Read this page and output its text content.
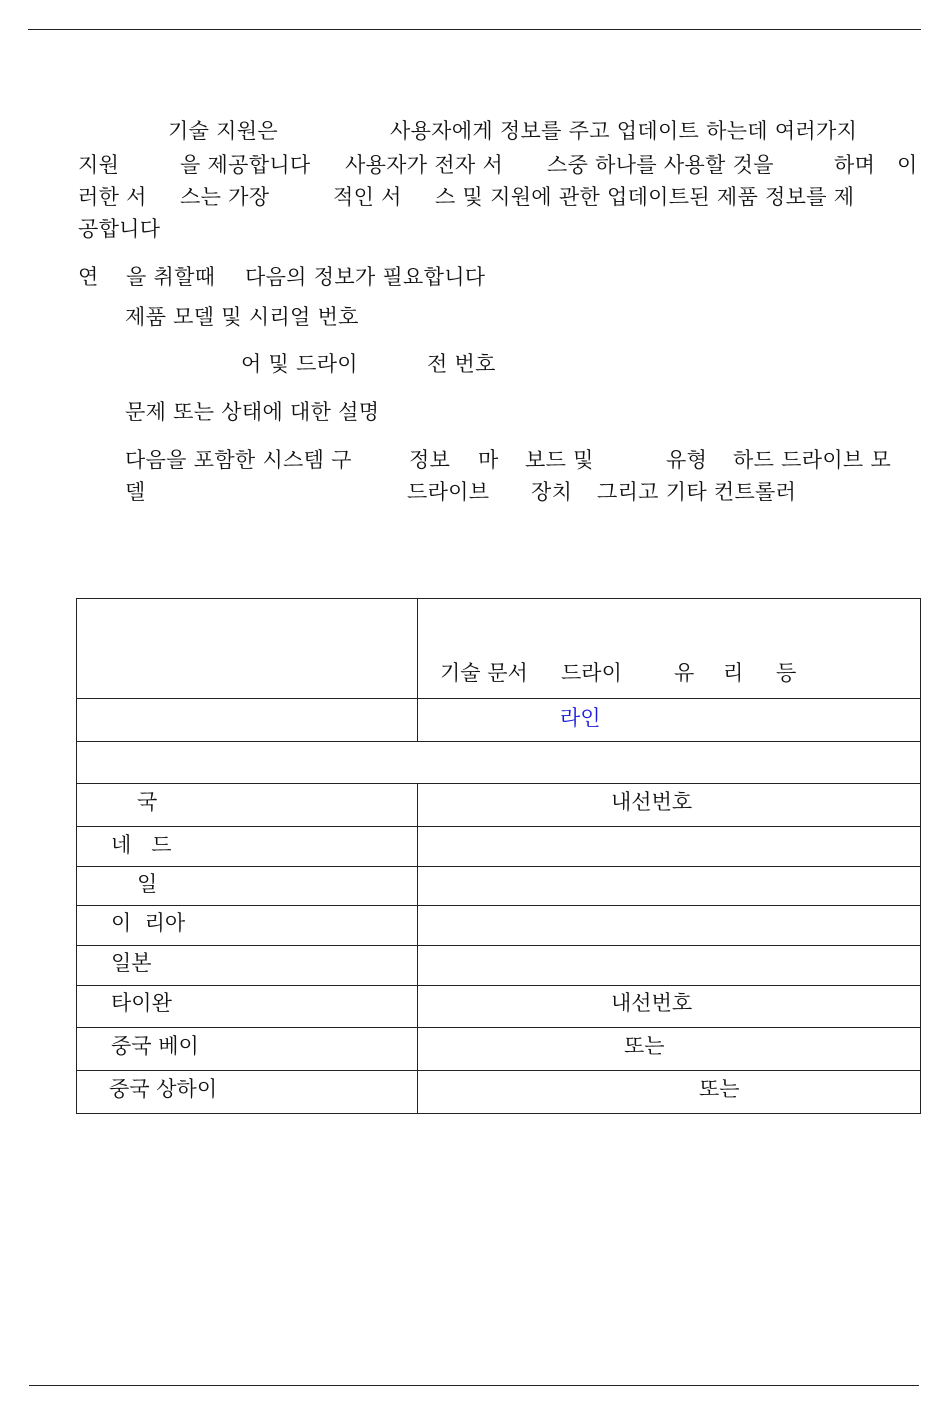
기술 지원은	사용자에게 정보를 주고 업데이트 하는데 여러가지
지원	을 제공합니다 사용자가 전자 서 스중 하나를 사용할 것을	하며 이
러한 서 스는 가장	적인 서 스 및 지원에 관한 업데이트된 제품 정보를 제
공합니다
연 을 취할때 다음의 정보가 필요합니다
제품 모델 및 시리얼 번호
어 및 드라이	전 번호
문제 또는 상태에 대한 설명
다음을 포함한 시스템 구	정보 마 보드 및	유형 하드 드라이브 모
델	드라이브 장치 그리고 기타 컨트롤러

	기술 문서 드라이 유 리 등

	라인

국	내선번호

네   드	

일	

이  리아	

일본	

타이완	내선번호

중국 베이	또는

중국 상하이	또는
